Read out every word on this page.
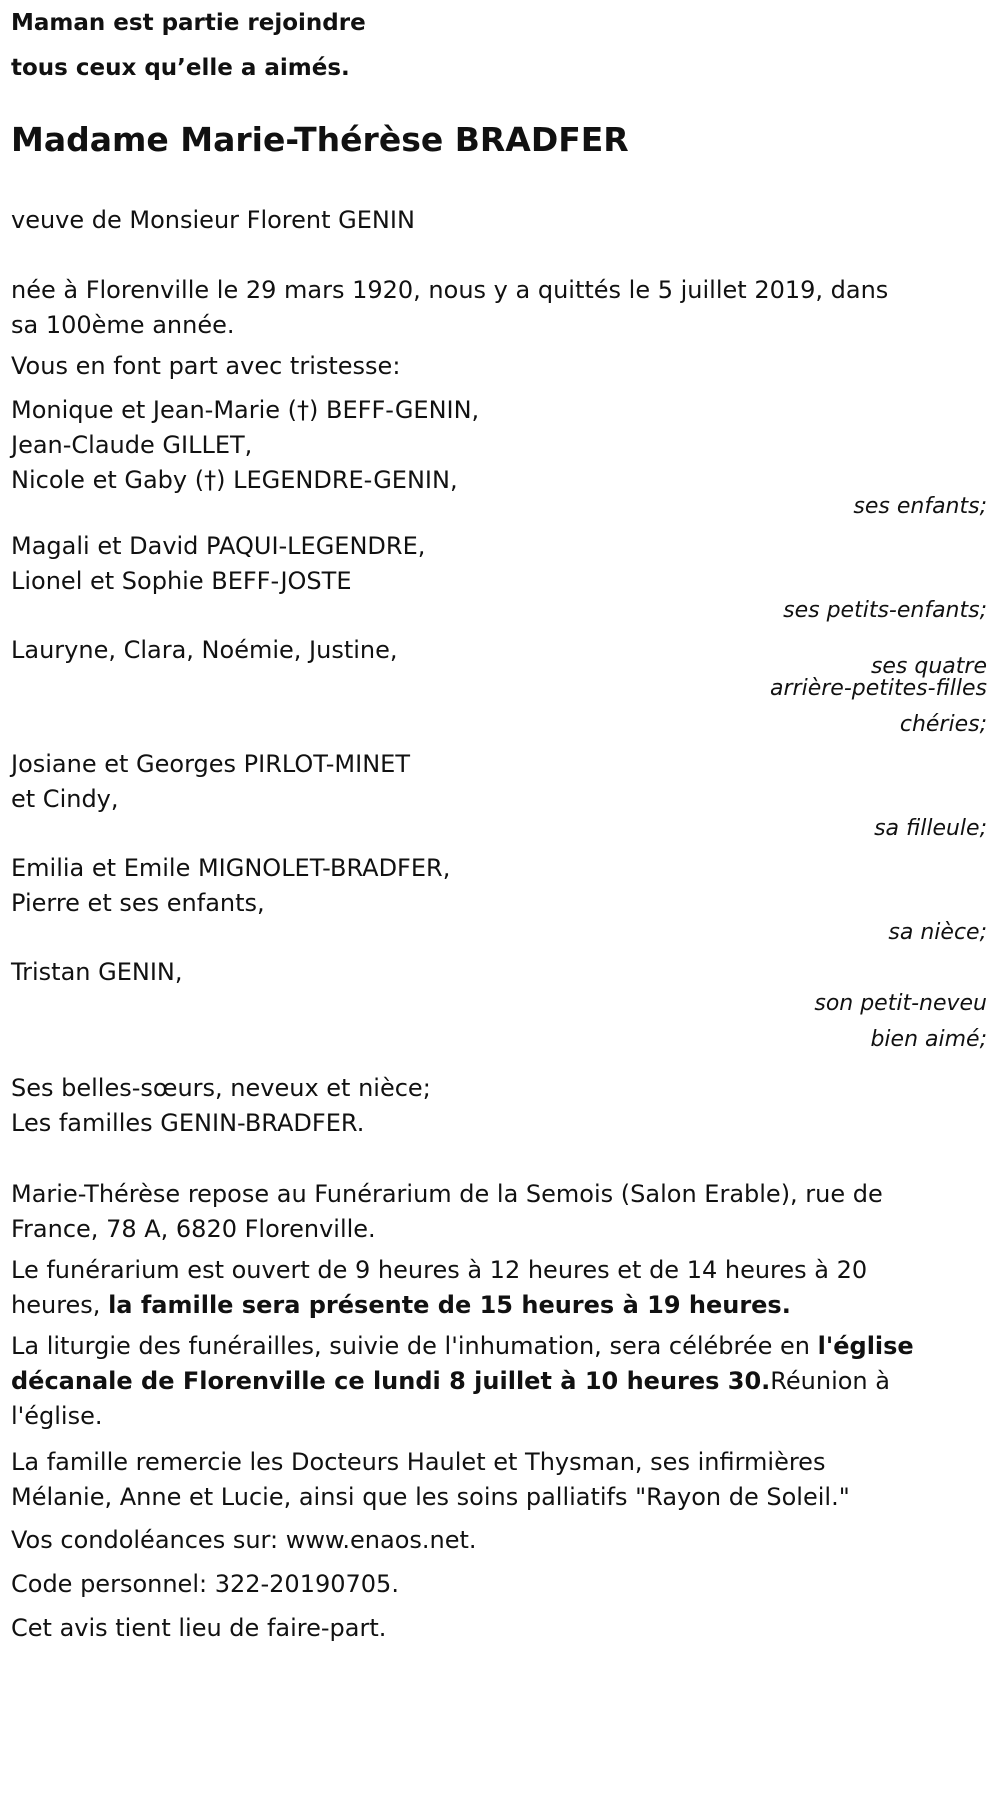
Maman est partie rejoindre
tous ceux qu’elle a aimés.
Madame Marie-Thérèse BRADFER
veuve de Monsieur Florent GENIN
née à Florenville le 29 mars 1920, nous y a quittés le 5 juillet 2019, dans
sa 100ème année.
Vous en font part avec tristesse:
Monique et Jean-Marie (†) BEFF-GENIN,
Jean-Claude GILLET,
Nicole et Gaby (†) LEGENDRE-GENIN,
ses enfants;
Magali et David PAQUI-LEGENDRE,
Lionel et Sophie BEFF-JOSTE
ses petits-enfants;
Lauryne, Clara, Noémie, Justine,
ses quatre
arrière-petites-filles
chéries;
Josiane et Georges PIRLOT-MINET
et Cindy,
sa filleule;
Emilia et Emile MIGNOLET-BRADFER,
Pierre et ses enfants,
sa nièce;
Tristan GENIN,
son petit-neveu
bien aimé;
Ses belles-sœurs, neveux et nièce;
Les familles GENIN-BRADFER.
Marie-Thérèse repose au Funérarium de la Semois (Salon Erable), rue de
France, 78 A, 6820 Florenville.
Le funérarium est ouvert de 9 heures à 12 heures et de 14 heures à 20
heures, la famille sera présente de 15 heures à 19 heures.
La liturgie des funérailles, suivie de l'inhumation, sera célébrée en l'église
décanale de Florenville ce lundi 8 juillet à 10 heures 30.Réunion à
l'église.
La famille remercie les Docteurs Haulet et Thysman, ses infirmières
Mélanie, Anne et Lucie, ainsi que les soins palliatifs "Rayon de Soleil."
Vos condoléances sur: www.enaos.net.
Code personnel: 322-20190705.
Cet avis tient lieu de faire-part.
